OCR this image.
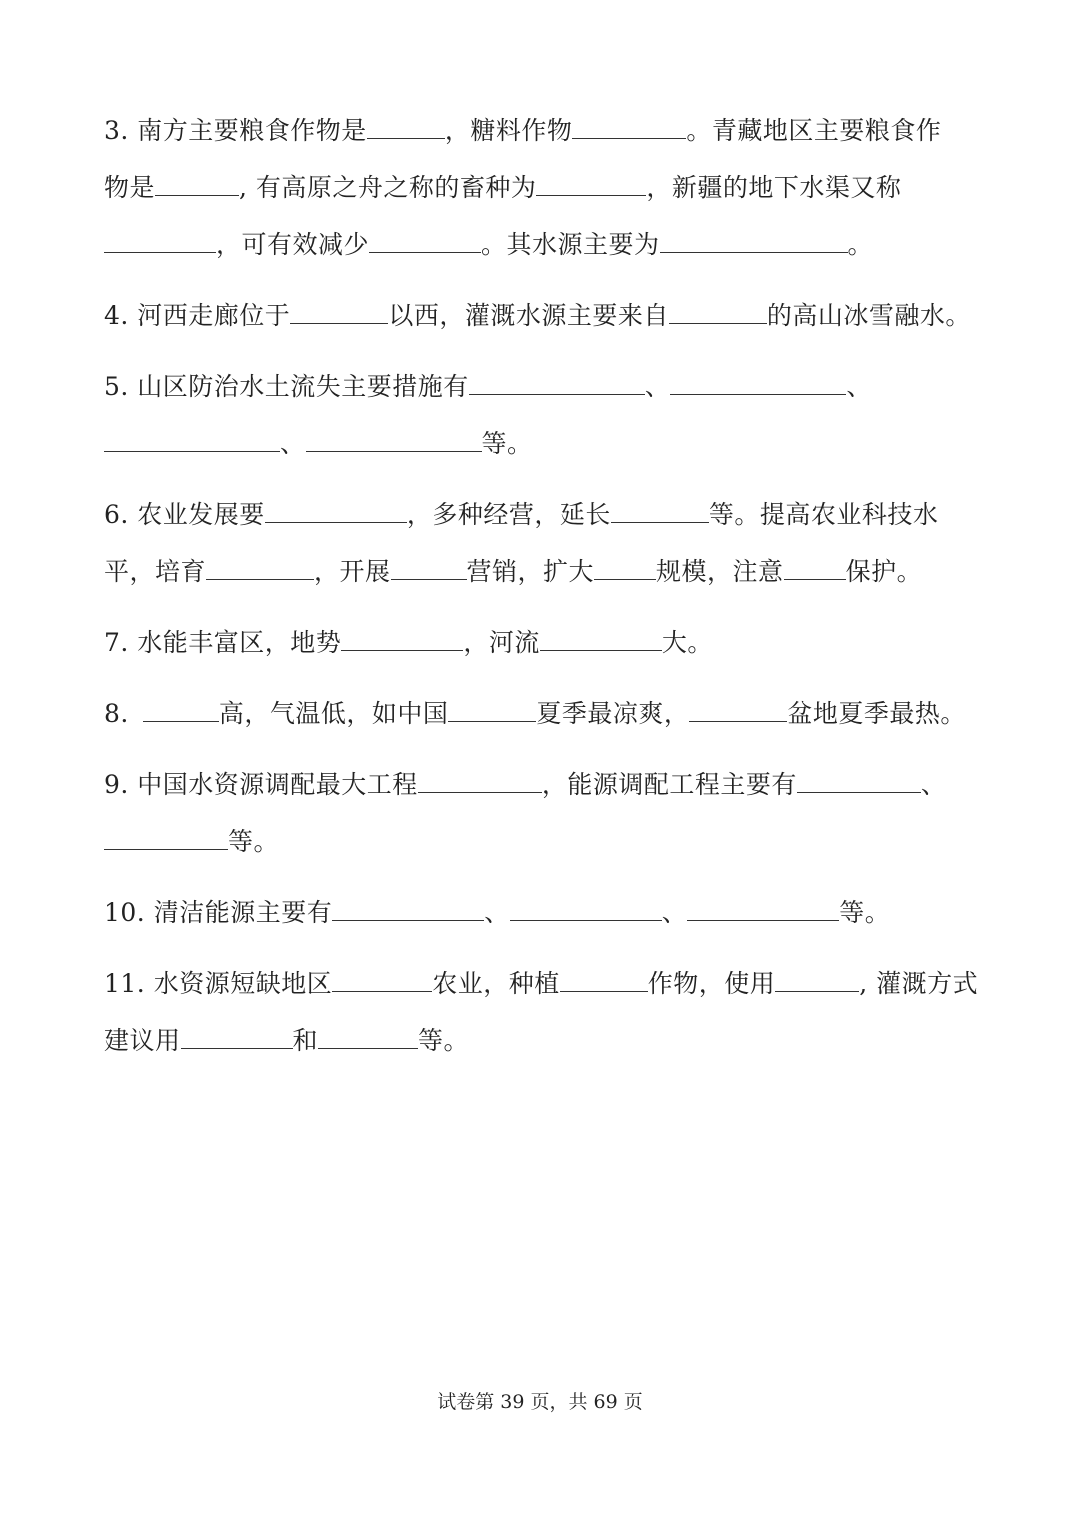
3. 南方主要粮食作物是	，糖料作物	。青藏地区主要粮食作
物是	, 有高原之舟之称的畜种为	，新疆的地下水渠又称
，可有效减少	。其水源主要为	。
4. 河西走廊位于	以西，灌溉水源主要来自	的高山冰雪融水。
5. 山区防治水土流失主要措施有	、	、
、	等。
6. 农业发展要	，多种经营，延长	等。提高农业科技水
平，培育	，开展	营销，扩大 规模，注意 保护。
7. 水能丰富区，地势	，河流	大。
8.	高，气温低，如中国	夏季最凉爽，	盆地夏季最热。
9. 中国水资源调配最大工程	，能源调配工程主要有	、
等。
10. 清洁能源主要有	、	、	等。
11. 水资源短缺地区	农业，种植	作物，使用	, 灌溉方式
建议用	和	等。
试卷第 39 页，共 69 页
